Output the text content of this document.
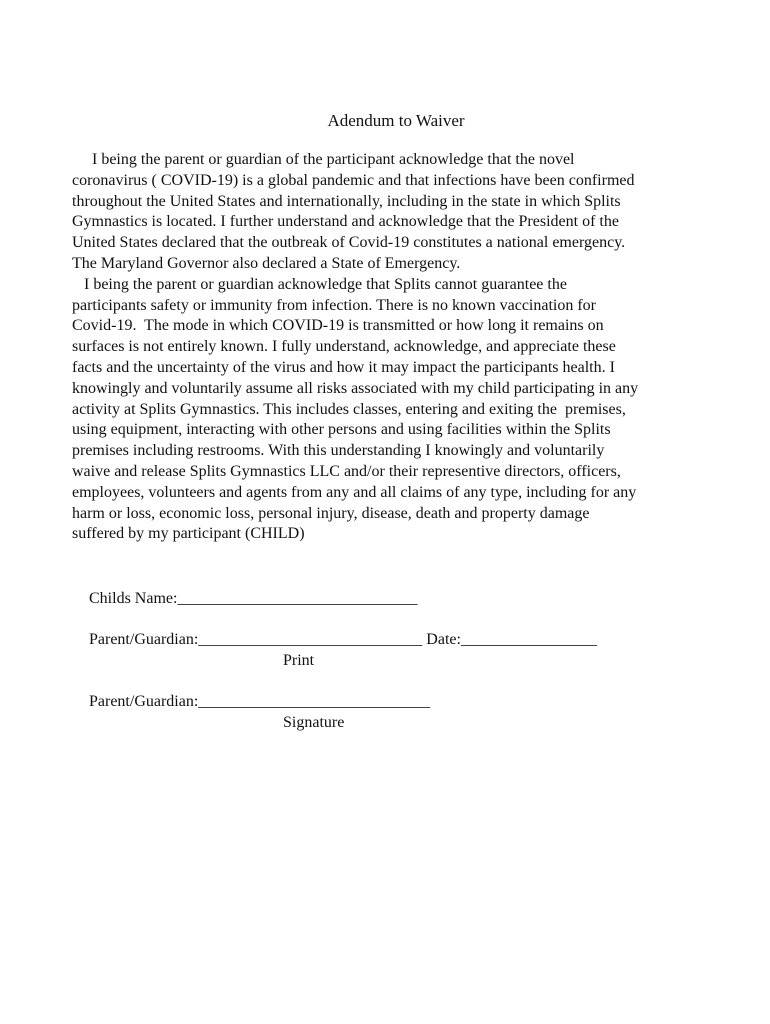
Adendum to Waiver
I being the parent or guardian of the participant acknowledge that the novel
coronavirus ( COVID-19) is a global pandemic and that infections have been confirmed
throughout the United States and internationally, including in the state in which Splits
Gymnastics is located. I further understand and acknowledge that the President of the
United States declared that the outbreak of Covid-19 constitutes a national emergency.
The Maryland Governor also declared a State of Emergency.
I being the parent or guardian acknowledge that Splits cannot guarantee the
participants safety or immunity from infection. There is no known vaccination for
Covid-19.  The mode in which COVID-19 is transmitted or how long it remains on
surfaces is not entirely known. I fully understand, acknowledge, and appreciate these
facts and the uncertainty of the virus and how it may impact the participants health. I
knowingly and voluntarily assume all risks associated with my child participating in any
activity at Splits Gymnastics. This includes classes, entering and exiting the  premises,
using equipment, interacting with other persons and using facilities within the Splits
premises including restrooms. With this understanding I knowingly and voluntarily
waive and release Splits Gymnastics LLC and/or their representive directors, officers,
employees, volunteers and agents from any and all claims of any type, including for any
harm or loss, economic loss, personal injury, disease, death and property damage
suffered by my participant (CHILD)
Childs Name:______________________________
Parent/Guardian:____________________________ Date:_________________
Print
Parent/Guardian:_____________________________
Signature
